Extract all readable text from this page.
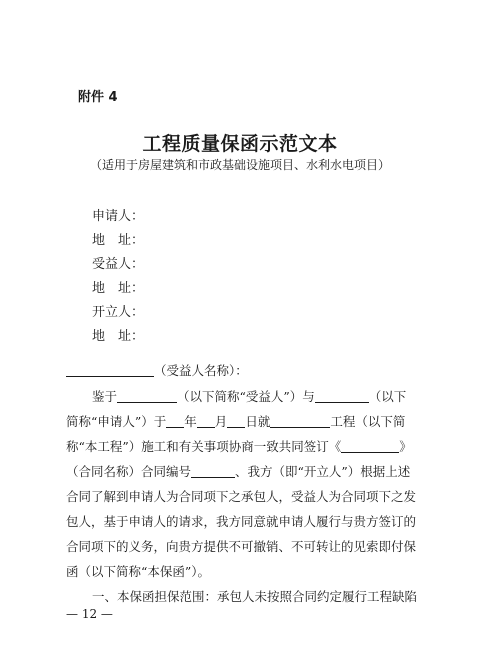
附件 4
工程质量保函示范文本
（适用于房屋建筑和市政基础设施项目、水利水电项目）
申请人：
地　址：
受益人：
地　址：
开立人：
地　址：
（受益人名称）：
鉴于	（以下简称“受益人”）与	（以下
简称“申请人”）于 年 月 日就	工程（以下简
称“本工程”）施工和有关事项协商一致共同签订《	》
（合同名称）合同编号	、我方（即“开立人”）根据上述
合同了解到申请人为合同项下之承包人，受益人为合同项下之发
包人，基于申请人的请求，我方同意就申请人履行与贵方签订的
合同项下的义务，向贵方提供不可撤销、不可转让的见索即付保
函（以下简称“本保函”）。
一、本保函担保范围：承包人未按照合同约定履行工程缺陷
— 12 —
